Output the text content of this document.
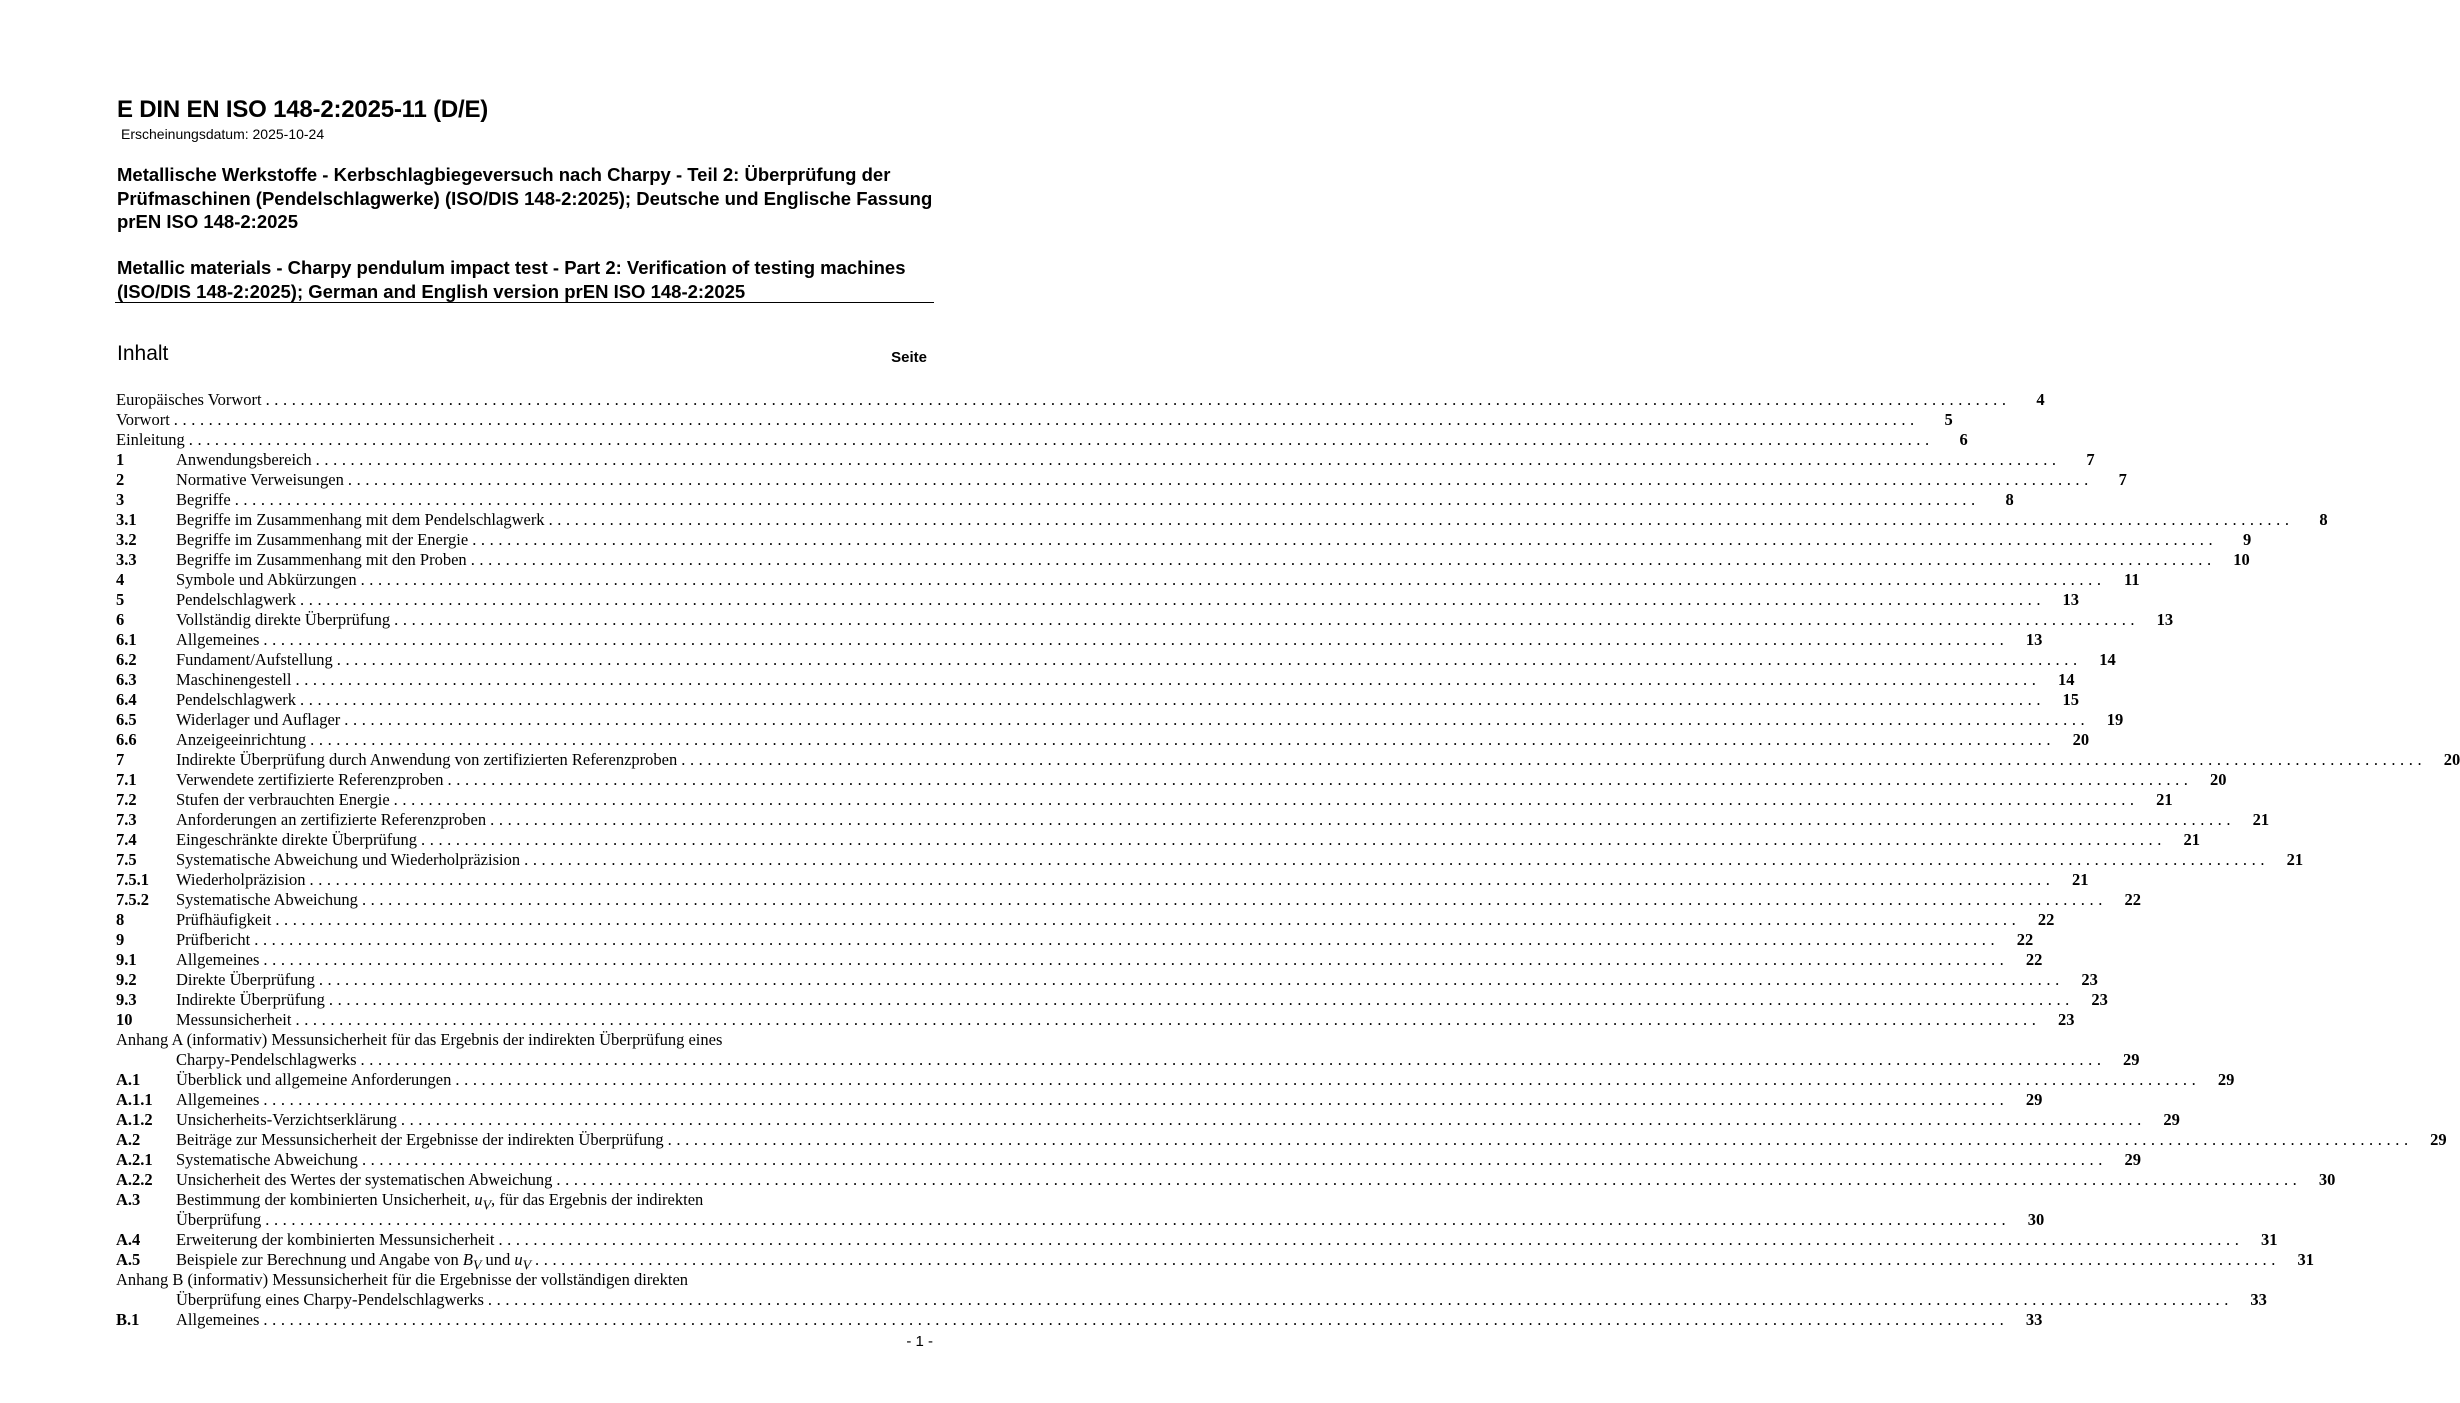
E DIN EN ISO 148-2:2025-11 (D/E)
Erscheinungsdatum: 2025-10-24
Metallische Werkstoffe - Kerbschlagbiegeversuch nach Charpy - Teil 2: Überprüfung der Prüfmaschinen (Pendelschlagwerke) (ISO/DIS 148-2:2025); Deutsche und Englische Fassung prEN ISO 148-2:2025
Metallic materials - Charpy pendulum impact test - Part 2: Verification of testing machines (ISO/DIS 148-2:2025); German and English version prEN ISO 148-2:2025
Inhalt	Seite
Europäisches Vorwort ........................................................................................................................................................................................................	4
Vorwort ........................................................................................................................................................................................................	5
Einleitung ........................................................................................................................................................................................................	6
1	Anwendungsbereich ........................................................................................................................................................................................................	7
2	Normative Verweisungen ........................................................................................................................................................................................................	7
3	Begriffe ........................................................................................................................................................................................................	8
3.1	Begriffe im Zusammenhang mit dem Pendelschlagwerk ........................................................................................................................................................................................................	8
3.2	Begriffe im Zusammenhang mit der Energie ........................................................................................................................................................................................................	9
3.3	Begriffe im Zusammenhang mit den Proben ........................................................................................................................................................................................................	10
4	Symbole und Abkürzungen ........................................................................................................................................................................................................	11
5	Pendelschlagwerk ........................................................................................................................................................................................................	13
6	Vollständig direkte Überprüfung ........................................................................................................................................................................................................	13
6.1	Allgemeines ........................................................................................................................................................................................................	13
6.2	Fundament/Aufstellung ........................................................................................................................................................................................................	14
6.3	Maschinengestell ........................................................................................................................................................................................................	14
6.4	Pendelschlagwerk ........................................................................................................................................................................................................	15
6.5	Widerlager und Auflager ........................................................................................................................................................................................................	19
6.6	Anzeigeeinrichtung ........................................................................................................................................................................................................	20
7	Indirekte Überprüfung durch Anwendung von zertifizierten Referenzproben ........................................................................................................................................................................................................	20
7.1	Verwendete zertifizierte Referenzproben ........................................................................................................................................................................................................	20
7.2	Stufen der verbrauchten Energie ........................................................................................................................................................................................................	21
7.3	Anforderungen an zertifizierte Referenzproben ........................................................................................................................................................................................................	21
7.4	Eingeschränkte direkte Überprüfung ........................................................................................................................................................................................................	21
7.5	Systematische Abweichung und Wiederholpräzision ........................................................................................................................................................................................................	21
7.5.1	Wiederholpräzision ........................................................................................................................................................................................................	21
7.5.2	Systematische Abweichung ........................................................................................................................................................................................................	22
8	Prüfhäufigkeit ........................................................................................................................................................................................................	22
9	Prüfbericht ........................................................................................................................................................................................................	22
9.1	Allgemeines ........................................................................................................................................................................................................	22
9.2	Direkte Überprüfung ........................................................................................................................................................................................................	23
9.3	Indirekte Überprüfung ........................................................................................................................................................................................................	23
10	Messunsicherheit ........................................................................................................................................................................................................	23
Anhang A (informativ) Messunsicherheit für das Ergebnis der indirekten Überprüfung eines
Charpy-Pendelschlagwerks ........................................................................................................................................................................................................	29
A.1	Überblick und allgemeine Anforderungen ........................................................................................................................................................................................................	29
A.1.1	Allgemeines ........................................................................................................................................................................................................	29
A.1.2	Unsicherheits-Verzichtserklärung ........................................................................................................................................................................................................	29
A.2	Beiträge zur Messunsicherheit der Ergebnisse der indirekten Überprüfung ........................................................................................................................................................................................................	29
A.2.1	Systematische Abweichung ........................................................................................................................................................................................................	29
A.2.2	Unsicherheit des Wertes der systematischen Abweichung ........................................................................................................................................................................................................	30
A.3	Bestimmung der kombinierten Unsicherheit, $u_V$, für das Ergebnis der indirekten
Überprüfung ........................................................................................................................................................................................................	30
A.4	Erweiterung der kombinierten Messunsicherheit ........................................................................................................................................................................................................	31
A.5	Beispiele zur Berechnung und Angabe von $B_V$ und $u_V$ ........................................................................................................................................................................................................	31
Anhang B (informativ) Messunsicherheit für die Ergebnisse der vollständigen direkten
Überprüfung eines Charpy-Pendelschlagwerks ........................................................................................................................................................................................................	33
B.1	Allgemeines ........................................................................................................................................................................................................	33
- 1 -
